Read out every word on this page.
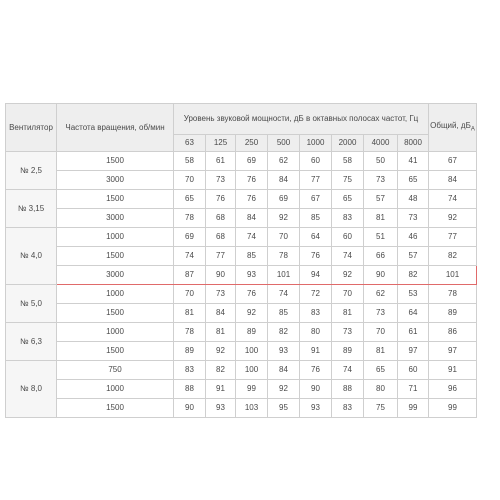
Вентилятор	Частота вращения, об/мин	Уровень звуковой мощности, дБ в октавных полосах частот, Гц								Общий, $дБ_А$
		63	125	250	500	1000	2000	4000	8000	
№ 2,5	1500	58	61	69	62	60	58	50	41	67
	3000	70	73	76	84	77	75	73	65	84
№ 3,15	1500	65	76	76	69	67	65	57	48	74
	3000	78	68	84	92	85	83	81	73	92
№ 4,0	1000	69	68	74	70	64	60	51	46	77
	1500	74	77	85	78	76	74	66	57	82
	3000	87	90	93	101	94	92	90	82	101
№ 5,0	1000	70	73	76	74	72	70	62	53	78
	1500	81	84	92	85	83	81	73	64	89
№ 6,3	1000	78	81	89	82	80	73	70	61	86
	1500	89	92	100	93	91	89	81	97	97
№ 8,0	750	83	82	100	84	76	74	65	60	91
	1000	88	91	99	92	90	88	80	71	96
	1500	90	93	103	95	93	83	75	99	99
